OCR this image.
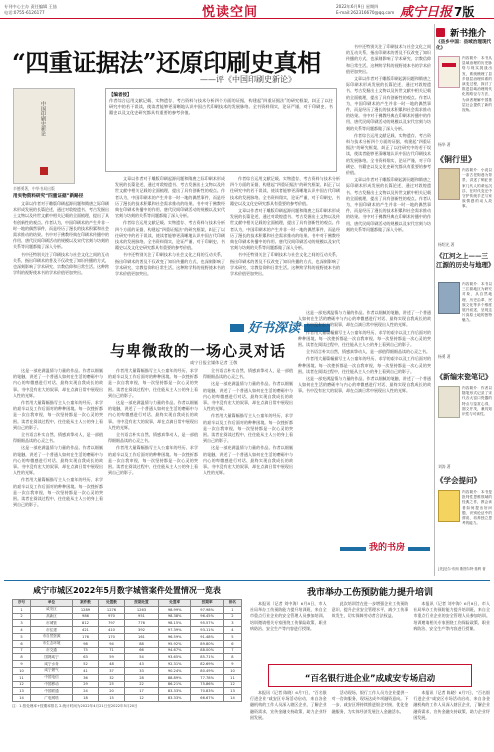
专刊中心主办 责任编辑 王喆
电话:0755-6126177	悦读空间	2022年6月9日 星期四
E-mail:262316670@qq.com 咸宁日报 7版
“四重证据法”还原印刷史真相
——评《中国印刷史新论》
【编者按】
作者综合运用文献记载、实物遗存、考古资料与技术分析四个方面的证据，构建起“四重证据法”的研究框架，纠正了以往研究中的若干误读，使读者能够更清晰地认识中国古代印刷技术的发展脉络。全书资料翔实，论证严谨，对于印刷史、书籍史以及文化史研究都具有重要的参考价值。
中国印刷史新论
辛德勇著，中华书局出版
用实物资料研究“四重证据”新路径

文章以作者对于雕版印刷起源问题和隋唐之际印刷术形成发展的长篇论述，通过对敦煌遗书、考古发掘出土文物以及传世文献中相关记载的全面梳理，提出了具有创新性的观点。作者认为，中国印刷术的产生并非一时一地的偶然事件，而是经历了漫长的技术积累和社会需求推动的结果。书中对于佛教经典在印刷术传播中的作用、唐代民间印刷活动的规模以及宋代官刻与坊刻的关系等问题都做了深入分析。

书中还特别关注了印刷技术与社会文化之间的互动关系，指出印刷术的普及不仅改变了知识传播的方式，也深刻影响了学术研究、宗教信仰和日常生活。这种跨学科的视野使本书的学术价值更加突出。

文章以作者对于雕版印刷起源问题和隋唐之际印刷术形成发展的长篇论述，通过对敦煌遗书、考古发掘出土文物以及传世文献中相关记载的全面梳理，提出了具有创新性的观点。作者认为，中国印刷术的产生并非一时一地的偶然事件，而是经历了漫长的技术积累和社会需求推动的结果。书中对于佛教经典在印刷术传播中的作用、唐代民间印刷活动的规模以及宋代官刻与坊刻的关系等问题都做了深入分析。

作者综合运用文献记载、实物遗存、考古资料与技术分析四个方面的证据，构建起“四重证据法”的研究框架，纠正了以往研究中的若干误读，使读者能够更清晰地认识中国古代印刷技术的发展脉络。全书资料翔实，论证严谨，对于印刷史、书籍史以及文化史研究都具有重要的参考价值。

书中还特别关注了印刷技术与社会文化之间的互动关系，指出印刷术的普及不仅改变了知识传播的方式，也深刻影响了学术研究、宗教信仰和日常生活。这种跨学科的视野使本书的学术价值更加突出。

作者综合运用文献记载、实物遗存、考古资料与技术分析四个方面的证据，构建起“四重证据法”的研究框架，纠正了以往研究中的若干误读，使读者能够更清晰地认识中国古代印刷技术的发展脉络。全书资料翔实，论证严谨，对于印刷史、书籍史以及文化史研究都具有重要的参考价值。

文章以作者对于雕版印刷起源问题和隋唐之际印刷术形成发展的长篇论述，通过对敦煌遗书、考古发掘出土文物以及传世文献中相关记载的全面梳理，提出了具有创新性的观点。作者认为，中国印刷术的产生并非一时一地的偶然事件，而是经历了漫长的技术积累和社会需求推动的结果。书中对于佛教经典在印刷术传播中的作用、唐代民间印刷活动的规模以及宋代官刻与坊刻的关系等问题都做了深入分析。

书中还特别关注了印刷技术与社会文化之间的互动关系，指出印刷术的普及不仅改变了知识传播的方式，也深刻影响了学术研究、宗教信仰和日常生活。这种跨学科的视野使本书的学术价值更加突出。

书中还特别关注了印刷技术与社会文化之间的互动关系，指出印刷术的普及不仅改变了知识传播的方式，也深刻影响了学术研究、宗教信仰和日常生活。这种跨学科的视野使本书的学术价值更加突出。

文章以作者对于雕版印刷起源问题和隋唐之际印刷术形成发展的长篇论述，通过对敦煌遗书、考古发掘出土文物以及传世文献中相关记载的全面梳理，提出了具有创新性的观点。作者认为，中国印刷术的产生并非一时一地的偶然事件，而是经历了漫长的技术积累和社会需求推动的结果。书中对于佛教经典在印刷术传播中的作用、唐代民间印刷活动的规模以及宋代官刻与坊刻的关系等问题都做了深入分析。

作者综合运用文献记载、实物遗存、考古资料与技术分析四个方面的证据，构建起“四重证据法”的研究框架，纠正了以往研究中的若干误读，使读者能够更清晰地认识中国古代印刷技术的发展脉络。全书资料翔实，论证严谨，对于印刷史、书籍史以及文化史研究都具有重要的参考价值。

文章以作者对于雕版印刷起源问题和隋唐之际印刷术形成发展的长篇论述，通过对敦煌遗书、考古发掘出土文物以及传世文献中相关记载的全面梳理，提出了具有创新性的观点。作者认为，中国印刷术的产生并非一时一地的偶然事件，而是经历了漫长的技术积累和社会需求推动的结果。书中对于佛教经典在印刷术传播中的作用、唐代民间印刷活动的规模以及宋代官刻与坊刻的关系等问题都做了深入分析。

好书深读
与卑微敌的一场心灵对话
咸宁日报全媒体记者 王敬

这是一部充满温情与力量的作品。作者以细腻的笔触，讲述了一个普通人如何在生活的磨砺中与内心的卑微感进行对话、最终实现自我成长的故事。书中没有宏大的叙事，却在点滴日常中展现出人性的光辉。

作者用大量篇幅描写主人公童年的经历、求学的艰辛以及工作后面对的种种困境。每一次挫折都是一次自我审视，每一次坚持都是一次心灵的突围。读者在阅读过程中，往往能从主人公的身上看到自己的影子。

全书语言朴实自然，情感真挚动人，是一部值得细细品读的心灵之书。

这是一部充满温情与力量的作品。作者以细腻的笔触，讲述了一个普通人如何在生活的磨砺中与内心的卑微感进行对话、最终实现自我成长的故事。书中没有宏大的叙事，却在点滴日常中展现出人性的光辉。

作者用大量篇幅描写主人公童年的经历、求学的艰辛以及工作后面对的种种困境。每一次挫折都是一次自我审视，每一次坚持都是一次心灵的突围。读者在阅读过程中，往往能从主人公的身上看到自己的影子。

作者用大量篇幅描写主人公童年的经历、求学的艰辛以及工作后面对的种种困境。每一次挫折都是一次自我审视，每一次坚持都是一次心灵的突围。读者在阅读过程中，往往能从主人公的身上看到自己的影子。

这是一部充满温情与力量的作品。作者以细腻的笔触，讲述了一个普通人如何在生活的磨砺中与内心的卑微感进行对话、最终实现自我成长的故事。书中没有宏大的叙事，却在点滴日常中展现出人性的光辉。

全书语言朴实自然，情感真挚动人，是一部值得细细品读的心灵之书。

作者用大量篇幅描写主人公童年的经历、求学的艰辛以及工作后面对的种种困境。每一次挫折都是一次自我审视，每一次坚持都是一次心灵的突围。读者在阅读过程中，往往能从主人公的身上看到自己的影子。

全书语言朴实自然，情感真挚动人，是一部值得细细品读的心灵之书。

这是一部充满温情与力量的作品。作者以细腻的笔触，讲述了一个普通人如何在生活的磨砺中与内心的卑微感进行对话、最终实现自我成长的故事。书中没有宏大的叙事，却在点滴日常中展现出人性的光辉。

作者用大量篇幅描写主人公童年的经历、求学的艰辛以及工作后面对的种种困境。每一次挫折都是一次自我审视，每一次坚持都是一次心灵的突围。读者在阅读过程中，往往能从主人公的身上看到自己的影子。

这是一部充满温情与力量的作品。作者以细腻的笔触，讲述了一个普通人如何在生活的磨砺中与内心的卑微感进行对话、最终实现自我成长的故事。书中没有宏大的叙事，却在点滴日常中展现出人性的光辉。

这是一部充满温情与力量的作品。作者以细腻的笔触，讲述了一个普通人如何在生活的磨砺中与内心的卑微感进行对话、最终实现自我成长的故事。书中没有宏大的叙事，却在点滴日常中展现出人性的光辉。

作者用大量篇幅描写主人公童年的经历、求学的艰辛以及工作后面对的种种困境。每一次挫折都是一次自我审视，每一次坚持都是一次心灵的突围。读者在阅读过程中，往往能从主人公的身上看到自己的影子。

全书语言朴实自然，情感真挚动人，是一部值得细细品读的心灵之书。

作者用大量篇幅描写主人公童年的经历、求学的艰辛以及工作后面对的种种困境。每一次挫折都是一次自我审视，每一次坚持都是一次心灵的突围。读者在阅读过程中，往往能从主人公的身上看到自己的影子。

这是一部充满温情与力量的作品。作者以细腻的笔触，讲述了一个普通人如何在生活的磨砺中与内心的卑微感进行对话、最终实现自我成长的故事。书中没有宏大的叙事，却在点滴日常中展现出人性的光辉。

我的书房
新书推介
《县乡中国：县域治理现代化》
内容简介：本书从县域治理的历史脉络与现实挑战出发，系统梳理了县乡基层治理体系的演变过程，探讨了推进县域治理现代化的路径与方法，为读者理解中国基层社会提供了新的视角。
杨华 著
《铜行里》
内容简介：小说以一条古老街巷为背景，讲述了铜匠世家几代人的命运沉浮，在时代变迁中守护传统手艺与家族情感的动人故事。
杨绍光 著
《江河之上——三江源的历史与地理》
内容简介：本书以三江源地区为研究对象，从自然地理、历史沿革、民族文化等多个维度展开叙述，呈现这片高原土地的独特魅力。
杨勇 著
《新编宋瓷笔记》
内容简介：作者以随笔形式记录了宋代各大窑口瓷器的特点与鉴赏心得，图文并茂，兼具知识性与可读性。
刘涛 著
《学会提问》
内容简介：本书是批判性思维领域的经典之作，教会读者如何提出好问题、识别论证中的谬误，培养独立思考的能力。
[美]尼尔·布朗 斯图尔特·基利 著
咸宁市城区2022年5月数字城管案件处置情况一览表
序号	单位	案件数	处置数	按期处置	处置率	按期率	排名
1	咸安区	1289	1276	1263	98.99%	97.98%	1
2	高新区	986	970	951	98.38%	96.45%	2
3	市城管	812	797	776	98.15%	95.57%	3
4	市住建	421	410	392	97.39%	93.11%	4
5	市自然资源	176	170	161	96.59%	91.48%	5
6	市生态环境	98	94	88	95.92%	89.80%	6
7	市交通	75	71	66	94.67%	88.00%	7
8	国网咸宁	63	59	54	93.65%	85.71%	8
9	咸宁水务	52	48	43	92.31%	82.69%	9
10	咸宁燃气	41	37	33	90.24%	80.49%	10
11	中国电信	36	32	28	88.89%	77.78%	11
12	中国移动	29	25	22	86.21%	75.86%	12
13	中国联通	24	20	17	83.33%	70.83%	13
14	广电网络	18	15	12	83.33%	66.67%	14
注：1.按处理率+按期率排名 2.统计时间为2022年4月21日至2022年5月20日
我市举办工伤预防能力提升培训

本报讯（记者 刘中海）6月8日，市人社局举办工伤预防能力提升培训班，来自全市重点行业企业的安全管理人员参加培训。培训邀请相关专家围绕工伤保险政策、职业病防治、安全生产等内容进行授课。

此次培训旨在进一步增强企业工伤预防意识，提升企业安全管理水平，减少工伤事故发生，切实保障劳动者合法权益。

本报讯（记者 刘中海）6月8日，市人社局举办工伤预防能力提升培训班，来自全市重点行业企业的安全管理人员参加培训。培训邀请相关专家围绕工伤保险政策、职业病防治、安全生产等内容进行授课。

“百名银行进企业”成咸安专场启动

本报讯（记者 陈晓）6月7日，“百名银行进企业”咸安区专场活动启动，来自各金融机构的工作人员深入辖区企业，了解企业融资需求，宣传金融支持政策，助力企业纾困发展。

活动现场，银行工作人员为企业提供一对一咨询服务，现场达成多项融资意向。下一步，咸安区将持续推进银企对接，优化金融服务，为实体经济发展注入金融活水。

本报讯（记者 陈晓）6月7日，“百名银行进企业”咸安区专场活动启动，来自各金融机构的工作人员深入辖区企业，了解企业融资需求，宣传金融支持政策，助力企业纾困发展。
